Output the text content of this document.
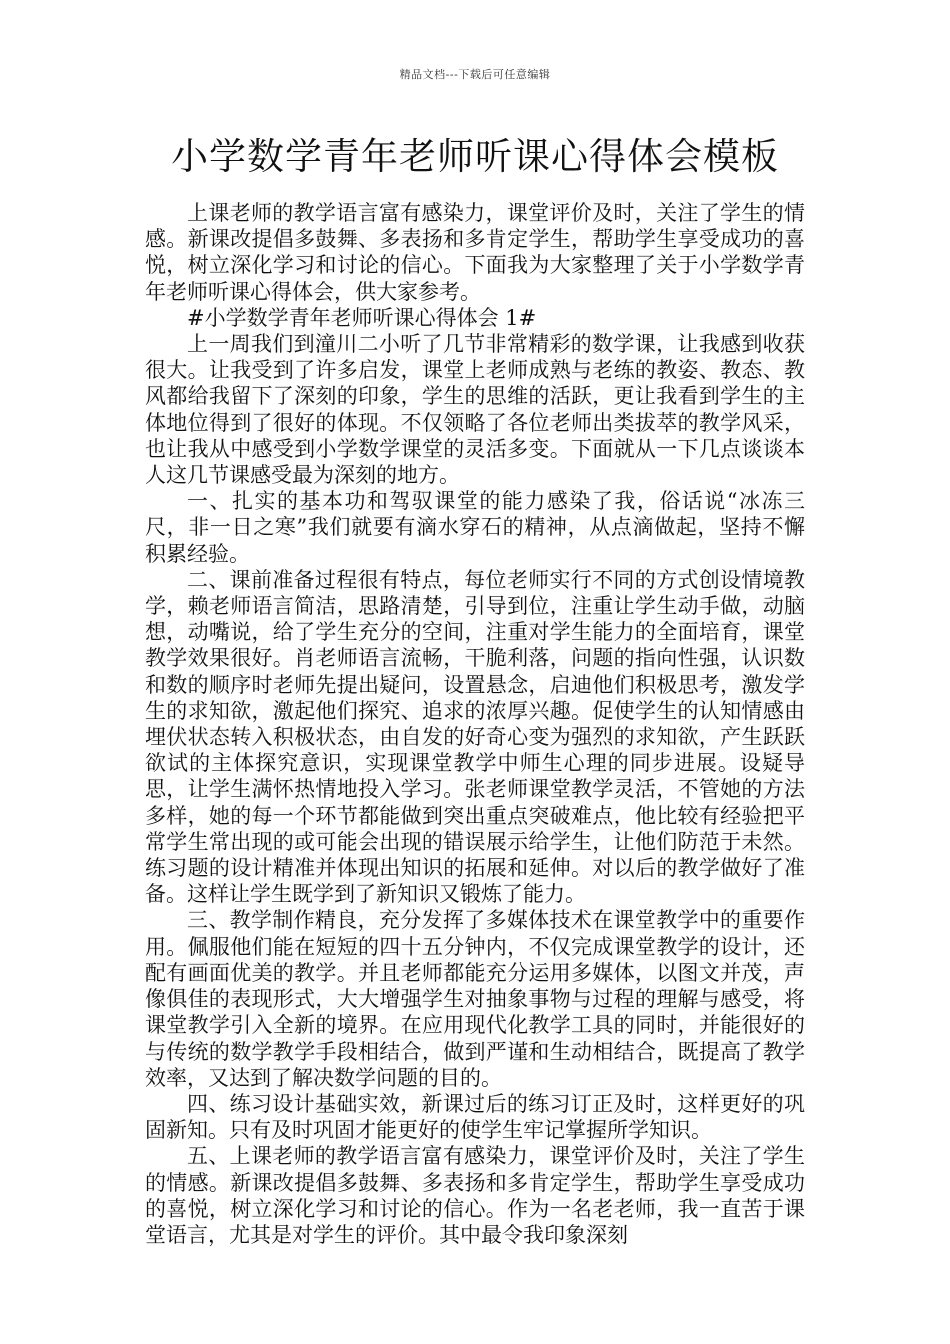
精品文档---下载后可任意编辑
小学数学青年老师听课心得体会模板

上课老师的教学语言富有感染力，课堂评价及时，关注了学生的情感。新课改提倡多鼓舞、多表扬和多肯定学生，帮助学生享受成功的喜悦，树立深化学习和讨论的信心。下面我为大家整理了关于小学数学青年老师听课心得体会，供大家参考。

#小学数学青年老师听课心得体会 1#

上一周我们到潼川二小听了几节非常精彩的数学课，让我感到收获很大。让我受到了许多启发，课堂上老师成熟与老练的教姿、教态、教风都给我留下了深刻的印象，学生的思维的活跃，更让我看到学生的主体地位得到了很好的体现。不仅领略了各位老师出类拔萃的教学风采，也让我从中感受到小学数学课堂的灵活多变。下面就从一下几点谈谈本人这几节课感受最为深刻的地方。

一、扎实的基本功和驾驭课堂的能力感染了我，俗话说“冰冻三尺，非一日之寒”我们就要有滴水穿石的精神，从点滴做起，坚持不懈积累经验。

二、课前准备过程很有特点，每位老师实行不同的方式创设情境教学，赖老师语言简洁，思路清楚，引导到位，注重让学生动手做，动脑想，动嘴说，给了学生充分的空间，注重对学生能力的全面培育，课堂教学效果很好。肖老师语言流畅，干脆利落，问题的指向性强，认识数和数的顺序时老师先提出疑问，设置悬念，启迪他们积极思考，激发学生的求知欲，激起他们探究、追求的浓厚兴趣。促使学生的认知情感由埋伏状态转入积极状态，由自发的好奇心变为强烈的求知欲，产生跃跃欲试的主体探究意识，实现课堂教学中师生心理的同步进展。设疑导思，让学生满怀热情地投入学习。张老师课堂教学灵活，不管她的方法多样，她的每一个环节都能做到突出重点突破难点，他比较有经验把平常学生常出现的或可能会出现的错误展示给学生，让他们防范于未然。练习题的设计精准并体现出知识的拓展和延伸。对以后的教学做好了准备。这样让学生既学到了新知识又锻炼了能力。

三、教学制作精良，充分发挥了多媒体技术在课堂教学中的重要作用。佩服他们能在短短的四十五分钟内，不仅完成课堂教学的设计，还配有画面优美的教学。并且老师都能充分运用多媒体，以图文并茂，声像俱佳的表现形式，大大增强学生对抽象事物与过程的理解与感受，将课堂教学引入全新的境界。在应用现代化教学工具的同时，并能很好的与传统的数学教学手段相结合，做到严谨和生动相结合，既提高了教学效率，又达到了解决数学问题的目的。

四、练习设计基础实效，新课过后的练习订正及时，这样更好的巩固新知。只有及时巩固才能更好的使学生牢记掌握所学知识。

五、上课老师的教学语言富有感染力，课堂评价及时，关注了学生的情感。新课改提倡多鼓舞、多表扬和多肯定学生，帮助学生享受成功的喜悦，树立深化学习和讨论的信心。作为一名老老师，我一直苦于课堂语言，尤其是对学生的评价。其中最令我印象深刻
